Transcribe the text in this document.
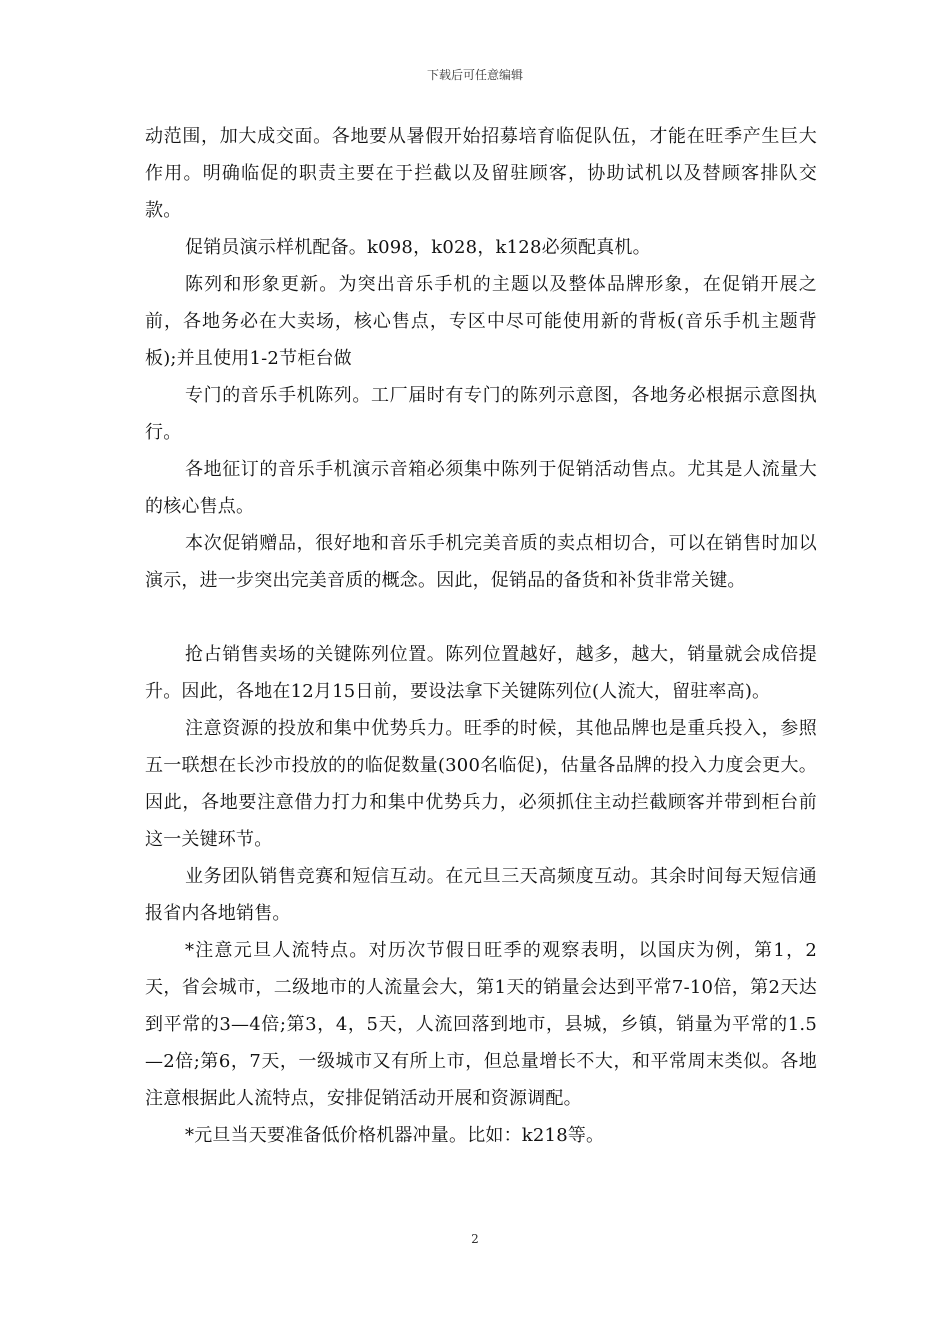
下载后可任意编辑

动范围，加大成交面。各地要从暑假开始招募培育临促队伍，才能在旺季产生巨大作用。明确临促的职责主要在于拦截以及留驻顾客，协助试机以及替顾客排队交款。

促销员演示样机配备。k098，k028，k128必须配真机。

陈列和形象更新。为突出音乐手机的主题以及整体品牌形象，在促销开展之前，各地务必在大卖场，核心售点，专区中尽可能使用新的背板(音乐手机主题背板);并且使用1-2节柜台做

专门的音乐手机陈列。工厂届时有专门的陈列示意图，各地务必根据示意图执行。

各地征订的音乐手机演示音箱必须集中陈列于促销活动售点。尤其是人流量大的核心售点。

本次促销赠品，很好地和音乐手机完美音质的卖点相切合，可以在销售时加以演示，进一步突出完美音质的概念。因此，促销品的备货和补货非常关键。

抢占销售卖场的关键陈列位置。陈列位置越好，越多，越大，销量就会成倍提升。因此，各地在12月15日前，要设法拿下关键陈列位(人流大，留驻率高)。

注意资源的投放和集中优势兵力。旺季的时候，其他品牌也是重兵投入，参照五一联想在长沙市投放的的临促数量(300名临促)，估量各品牌的投入力度会更大。因此，各地要注意借力打力和集中优势兵力，必须抓住主动拦截顾客并带到柜台前这一关键环节。

业务团队销售竞赛和短信互动。在元旦三天高频度互动。其余时间每天短信通报省内各地销售。

*注意元旦人流特点。对历次节假日旺季的观察表明，以国庆为例，第1，2天，省会城市，二级地市的人流量会大，第1天的销量会达到平常7-10倍，第2天达到平常的3—4倍;第3，4，5天，人流回落到地市，县城，乡镇，销量为平常的1.5—2倍;第6，7天，一级城市又有所上市，但总量增长不大，和平常周末类似。各地注意根据此人流特点，安排促销活动开展和资源调配。

*元旦当天要准备低价格机器冲量。比如：k218等。

2
